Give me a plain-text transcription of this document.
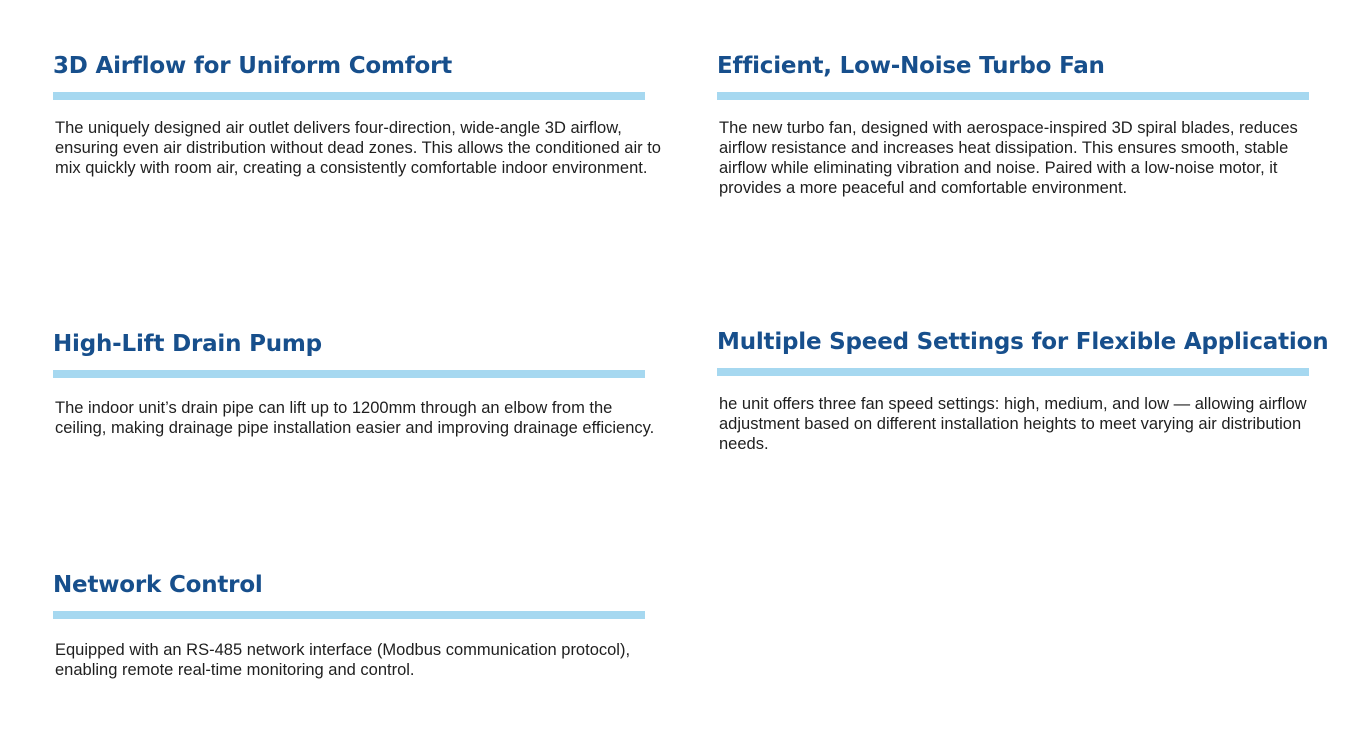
3D Airflow for Uniform Comfort

The uniquely designed air outlet delivers four-direction, wide-angle 3D airflow, ensuring even air distribution without dead zones. This allows the conditioned air to mix quickly with room air, creating a consistently comfortable indoor environment.

Efficient, Low-Noise Turbo Fan

The new turbo fan, designed with aerospace-inspired 3D spiral blades, reduces airflow resistance and increases heat dissipation. This ensures smooth, stable airflow while eliminating vibration and noise. Paired with a low-noise motor, it provides a more peaceful and comfortable environment.

High-Lift Drain Pump

The indoor unit’s drain pipe can lift up to 1200mm through an elbow from the ceiling, making drainage pipe installation easier and improving drainage efficiency.

Multiple Speed Settings for Flexible Application

he unit offers three fan speed settings: high, medium, and low — allowing airflow adjustment based on different installation heights to meet varying air distribution needs.

Network Control

Equipped with an RS-485 network interface (Modbus communication protocol), enabling remote real-time monitoring and control.
